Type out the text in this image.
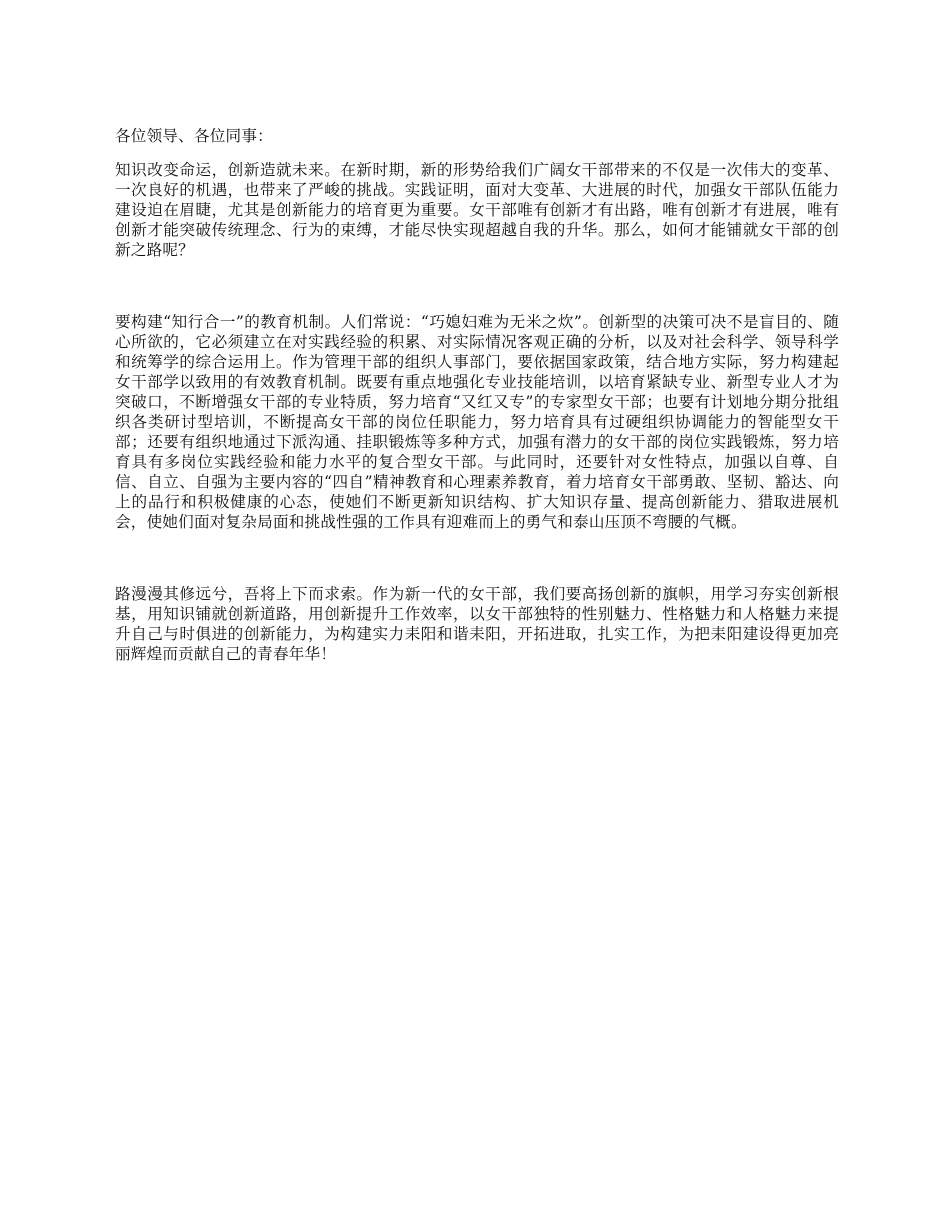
各位领导、各位同事：

知识改变命运，创新造就未来。在新时期，新的形势给我们广阔女干部带来的不仅是一次伟大的变革、一次良好的机遇，也带来了严峻的挑战。实践证明，面对大变革、大进展的时代，加强女干部队伍能力建设迫在眉睫，尤其是创新能力的培育更为重要。女干部唯有创新才有出路，唯有创新才有进展，唯有创新才能突破传统理念、行为的束缚，才能尽快实现超越自我的升华。那么，如何才能铺就女干部的创新之路呢？

要构建“知行合一”的教育机制。人们常说：“巧媳妇难为无米之炊”。创新型的决策可决不是盲目的、随心所欲的，它必须建立在对实践经验的积累、对实际情况客观正确的分析，以及对社会科学、领导科学和统筹学的综合运用上。作为管理干部的组织人事部门，要依据国家政策，结合地方实际，努力构建起女干部学以致用的有效教育机制。既要有重点地强化专业技能培训，以培育紧缺专业、新型专业人才为突破口，不断增强女干部的专业特质，努力培育“又红又专”的专家型女干部；也要有计划地分期分批组织各类研讨型培训，不断提高女干部的岗位任职能力，努力培育具有过硬组织协调能力的智能型女干部；还要有组织地通过下派沟通、挂职锻炼等多种方式，加强有潜力的女干部的岗位实践锻炼，努力培育具有多岗位实践经验和能力水平的复合型女干部。与此同时，还要针对女性特点，加强以自尊、自信、自立、自强为主要内容的“四自”精神教育和心理素养教育，着力培育女干部勇敢、坚韧、豁达、向上的品行和积极健康的心态，使她们不断更新知识结构、扩大知识存量、提高创新能力、猎取进展机会，使她们面对复杂局面和挑战性强的工作具有迎难而上的勇气和泰山压顶不弯腰的气概。

路漫漫其修远兮，吾将上下而求索。作为新一代的女干部，我们要高扬创新的旗帜，用学习夯实创新根基，用知识铺就创新道路，用创新提升工作效率，以女干部独特的性别魅力、性格魅力和人格魅力来提升自己与时俱进的创新能力，为构建实力耒阳和谐耒阳，开拓进取，扎实工作，为把耒阳建设得更加亮丽辉煌而贡献自己的青春年华！
